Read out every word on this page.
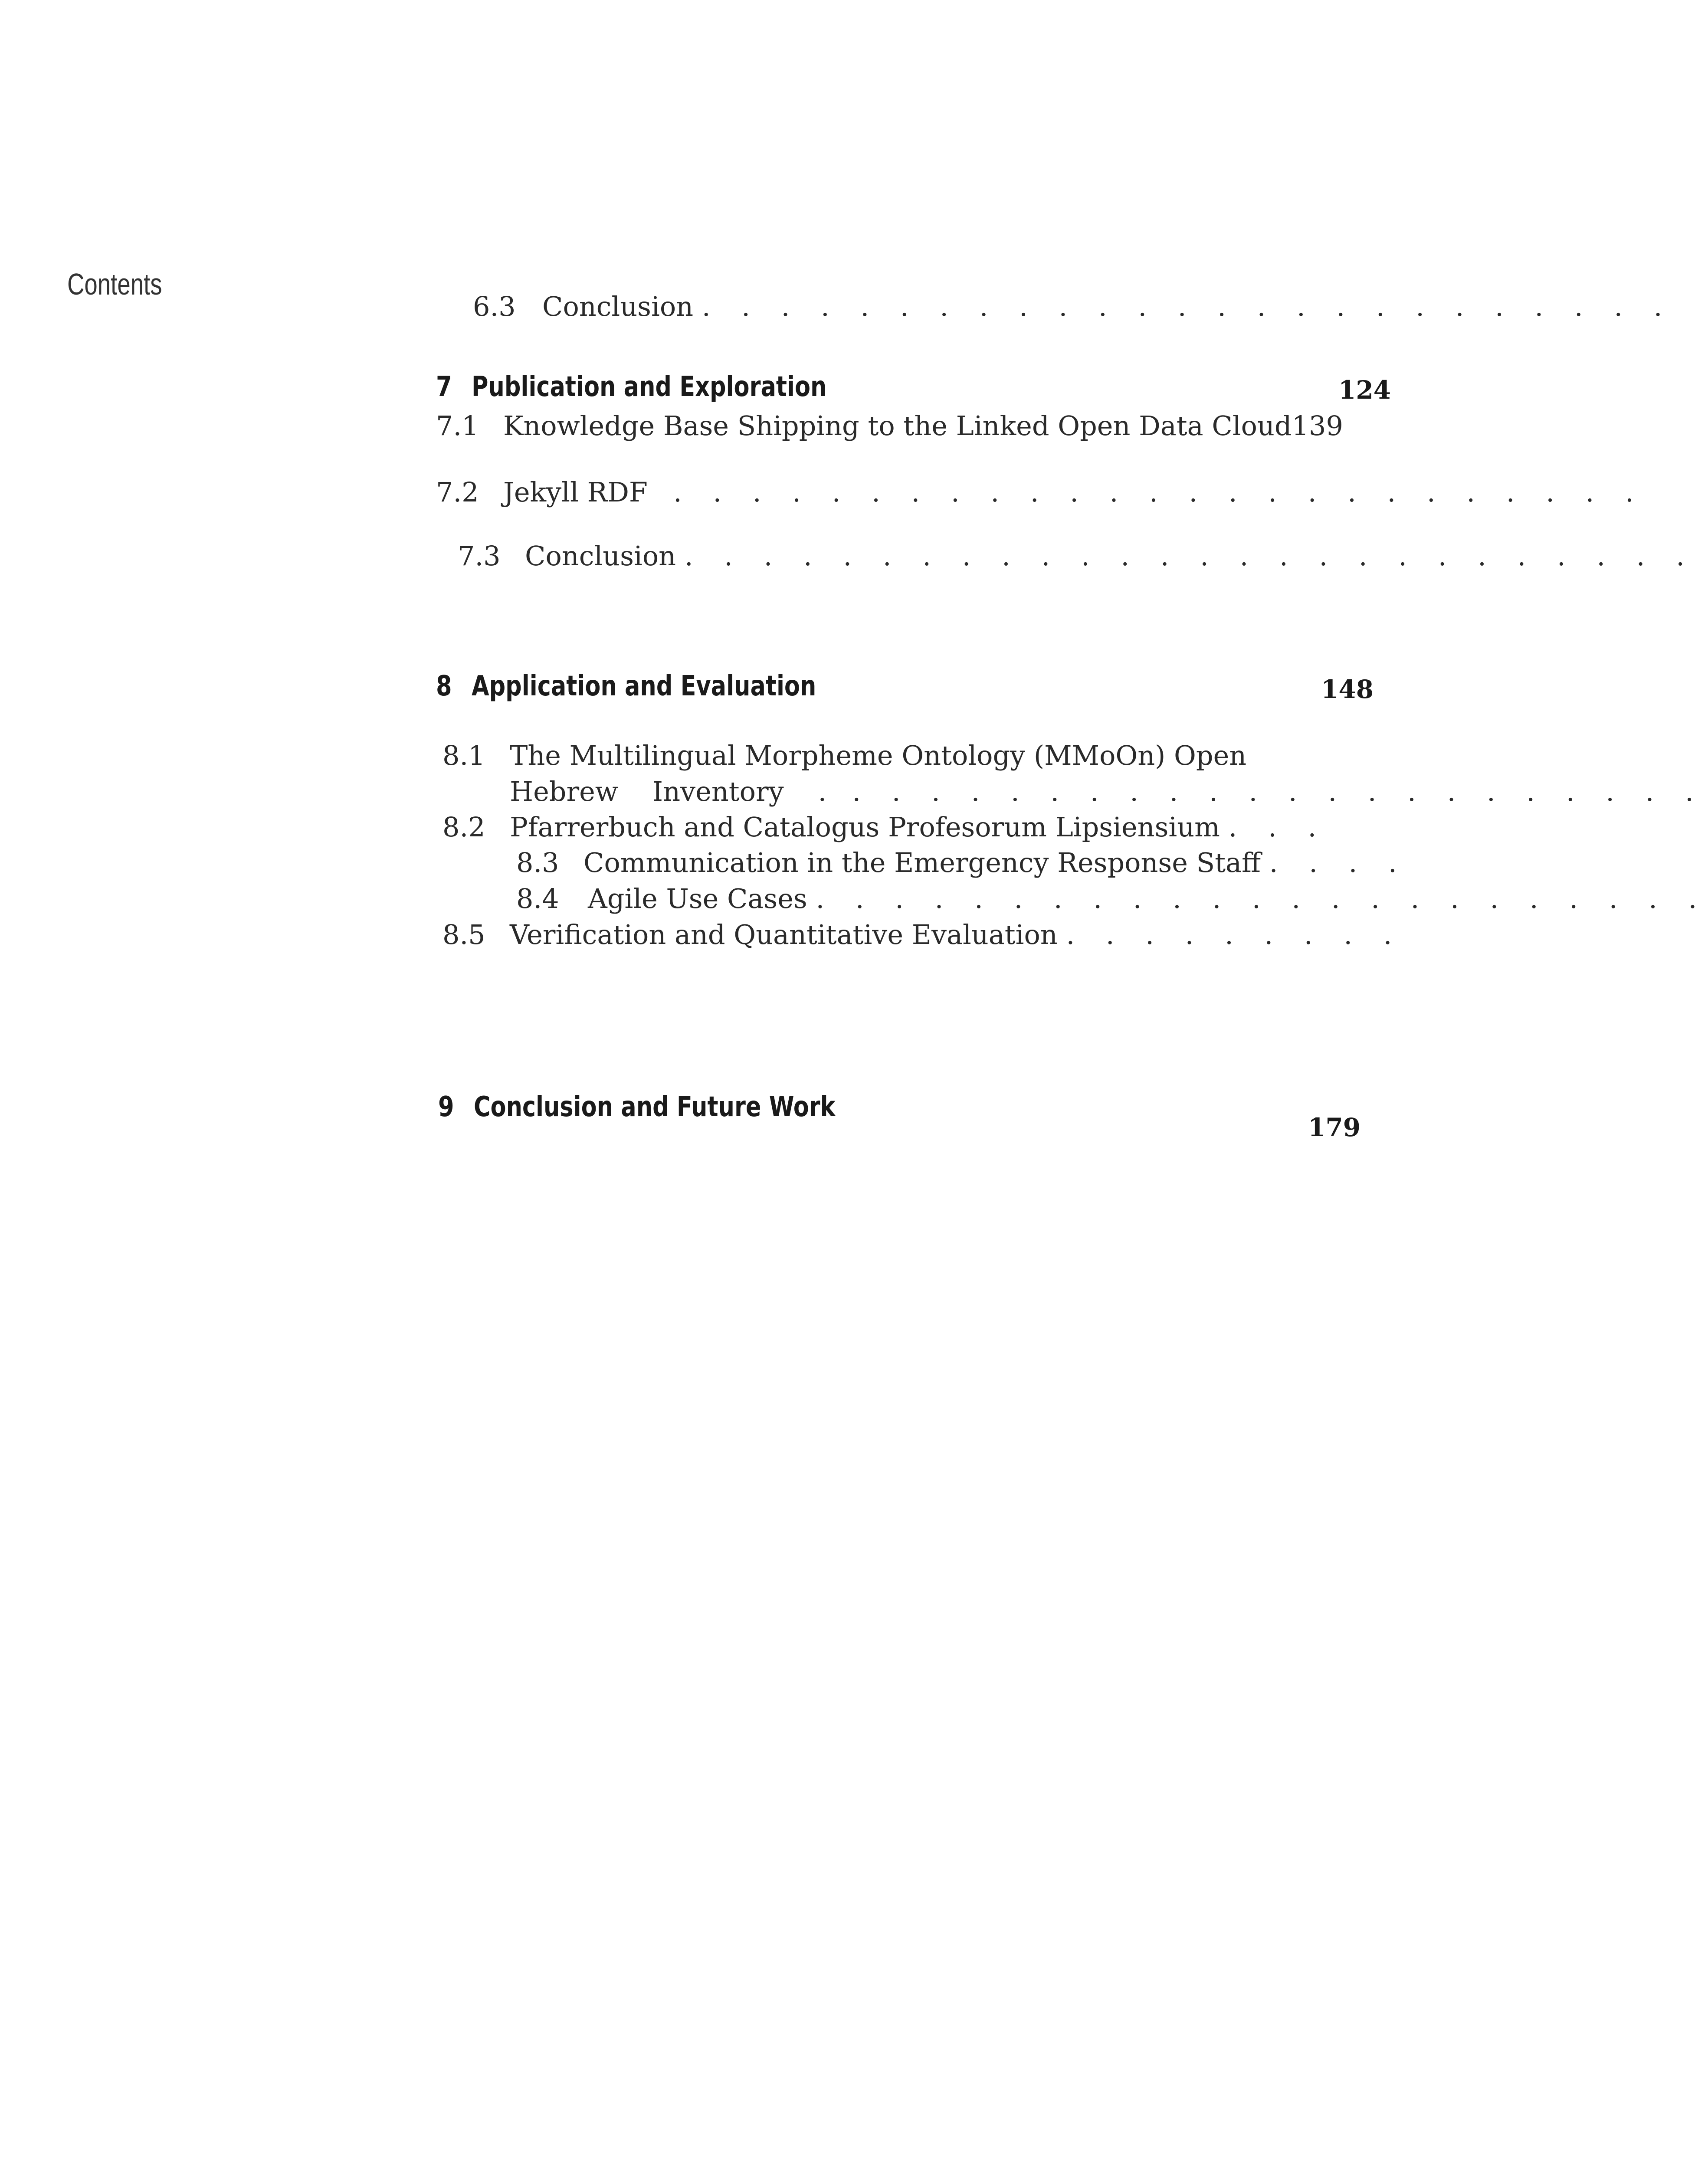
Contents
6.3 Conclusion . . . . . . . . . . . . . . . . . . . . . . . . .
7 Publication and Exploration	124
7.1 Knowledge Base Shipping to the Linked Open Data Cloud139
7.2 Jekyll RDF . . . . . . . . . . . . . . . . . . . . . . . . .
7.3 Conclusion . . . . . . . . . . . . . . . . . . . . . . . . . .
8 Application and Evaluation	148
8.1 The Multilingual Morpheme Ontology (MMoOn) Open
Hebrew    Inventory    . . . . . . . . . . . . . . . . . . . . . . .
8.2 Pfarrerbuch and Catalogus Profesorum Lipsiensium . . .
8.3 Communication in the Emergency Response Staff . . . .
8.4 Agile Use Cases . . . . . . . . . . . . . . . . . . . . . . .
8.5 Verification and Quantitative Evaluation . . . . . . . . .
9 Conclusion and Future Work
179
